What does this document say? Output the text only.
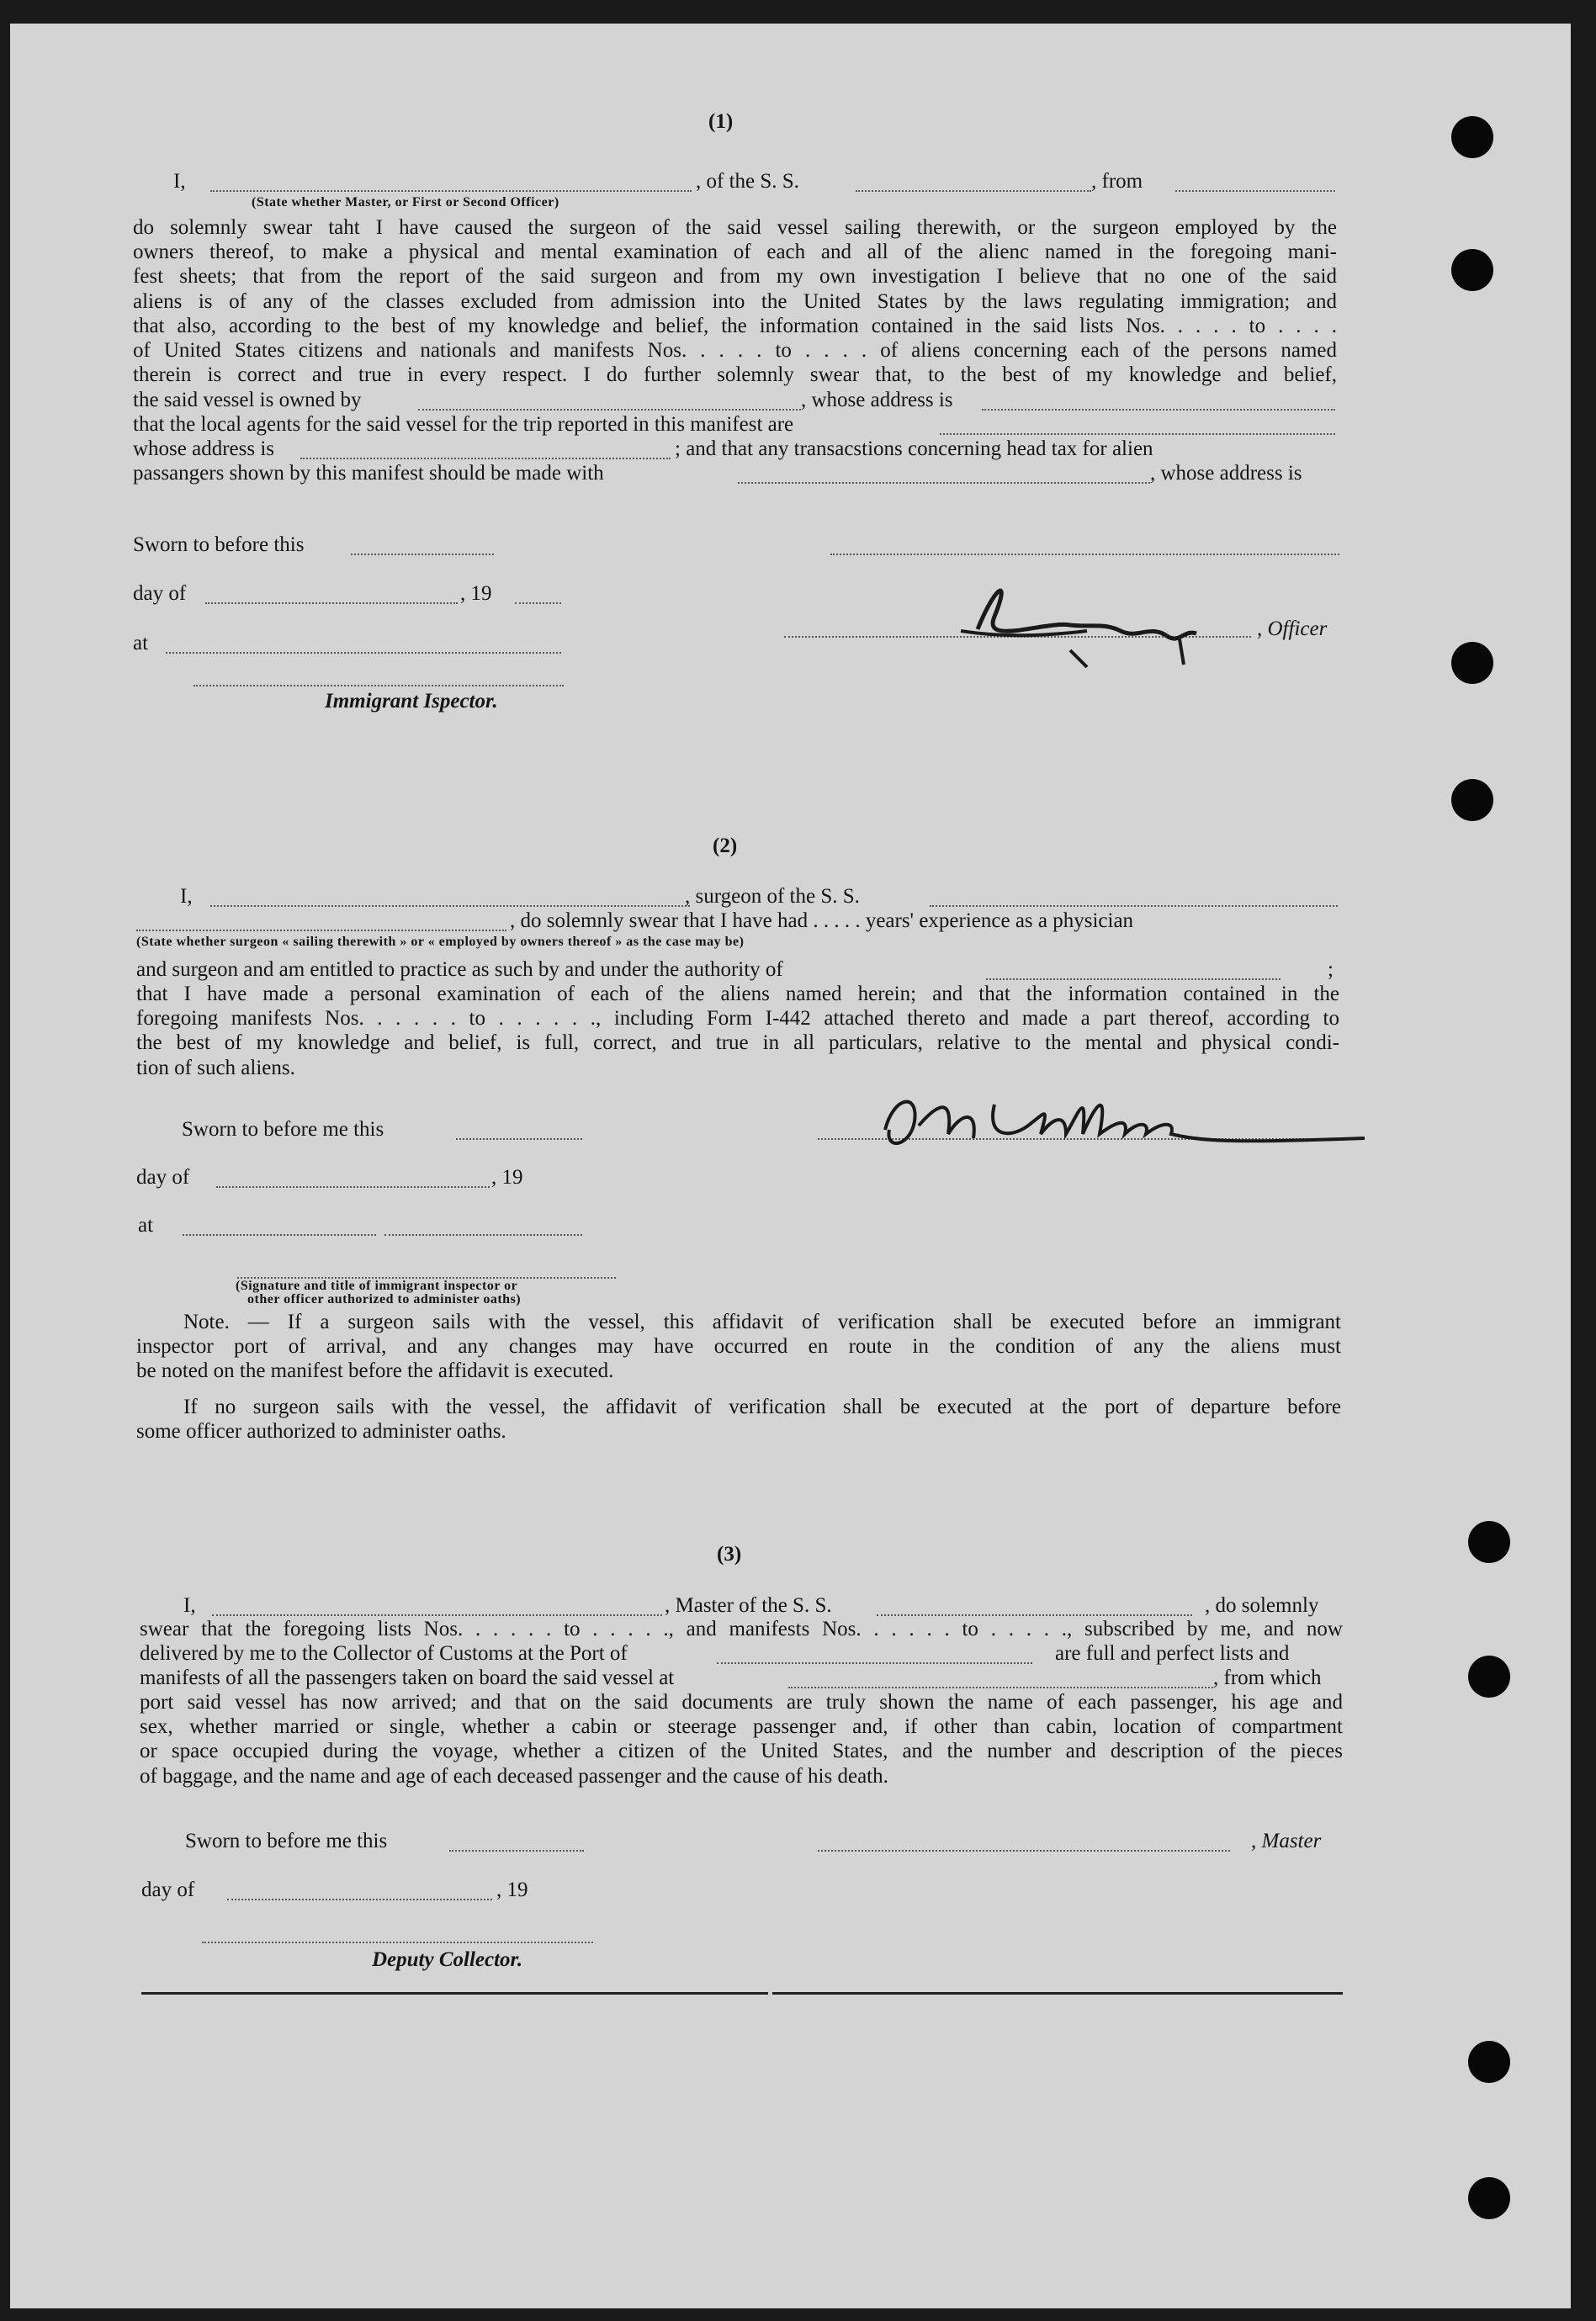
(1)
I,	, of the S. S.	, from
(State whether Master, or First or Second Officer)
do solemnly swear taht I have caused the surgeon of the said vessel sailing therewith, or the surgeon employed by the
owners thereof, to make a physical and mental examination of each and all of the alienc named in the foregoing mani-
fest sheets; that from the report of the said surgeon and from my own investigation I believe that no one of the said
aliens is of any of the classes excluded from admission into the United States by the laws regulating immigration; and
that also, according to the best of my knowledge and belief, the information contained in the said lists Nos. . . . . to . . . .
of United States citizens and nationals and manifests Nos. . . . . to . . . . of aliens concerning each of the persons named
therein is correct and true in every respect. I do further solemnly swear that, to the best of my knowledge and belief,
the said vessel is owned by	, whose address is
that the local agents for the said vessel for the trip reported in this manifest are
whose address is	; and that any transacstions concerning head tax for alien
passangers shown by this manifest should be made with	, whose address is
Sworn to before this
day of	, 19
, Officer
at
Immigrant Ispector.
(2)
I,	, surgeon of the S. S.
, do solemnly swear that I have had . . . . . years' experience as a physician
(State whether surgeon « sailing therewith » or « employed by owners thereof » as the case may be)
and surgeon and am entitled to practice as such by and under the authority of	;
that I have made a personal examination of each of the aliens named herein; and that the information contained in the
foregoing manifests Nos. . . . . . to . . . . . ., including Form I-442 attached thereto and made a part thereof, according to
the best of my knowledge and belief, is full, correct, and true in all particulars, relative to the mental and physical condi-
tion of such aliens.
Sworn to before me this
day of	, 19
at
(Signature and title of immigrant inspector or
other officer authorized to administer oaths)
Note. — If a surgeon sails with the vessel, this affidavit of verification shall be executed before an immigrant
inspector port of arrival, and any changes may have occurred en route in the condition of any the aliens must
be noted on the manifest before the affidavit is executed.
If no surgeon sails with the vessel, the affidavit of verification shall be executed at the port of departure before
some officer authorized to administer oaths.
(3)
I,	, Master of the S. S.	, do solemnly
swear that the foregoing lists Nos. . . . . . to . . . . ., and manifests Nos. . . . . . to . . . . ., subscribed by me, and now
delivered by me to the Collector of Customs at the Port of	are full and perfect lists and
manifests of all the passengers taken on board the said vessel at	, from which
port said vessel has now arrived; and that on the said documents are truly shown the name of each passenger, his age and
sex, whether married or single, whether a cabin or steerage passenger and, if other than cabin, location of compartment
or space occupied during the voyage, whether a citizen of the United States, and the number and description of the pieces
of baggage, and the name and age of each deceased passenger and the cause of his death.
Sworn to before me this	, Master
day of	, 19
Deputy Collector.
